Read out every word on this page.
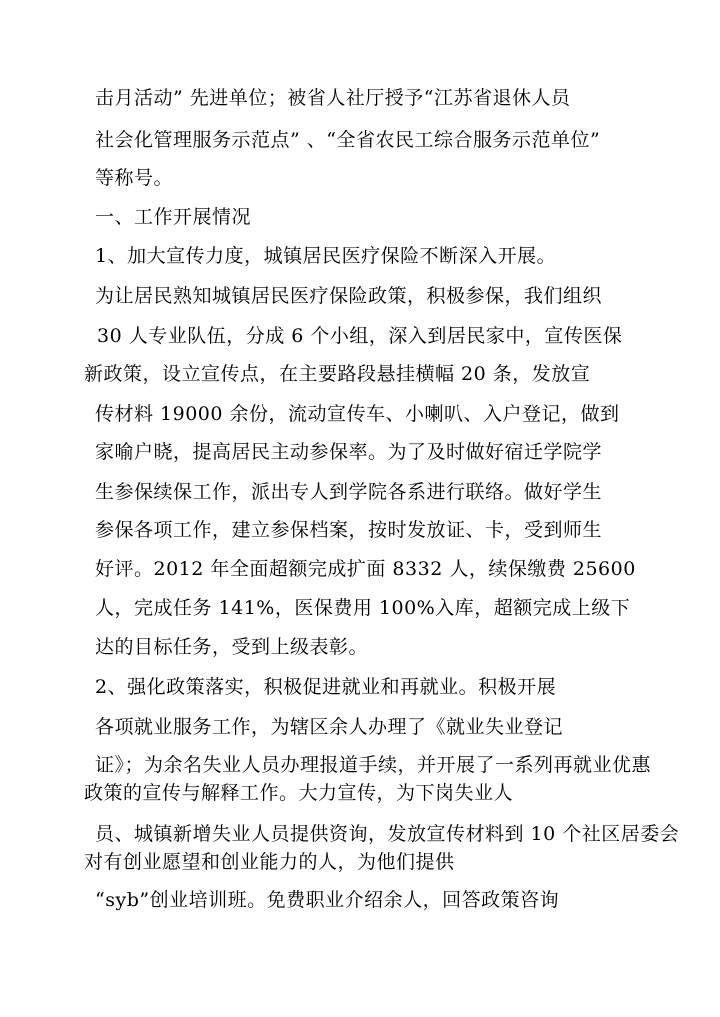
击月活动” 先进单位；被省人社厅授予“江苏省退休人员
社会化管理服务示范点” 、“全省农民工综合服务示范单位”
等称号。
一、工作开展情况
1、加大宣传力度，城镇居民医疗保险不断深入开展。
为让居民熟知城镇居民医疗保险政策，积极参保，我们组织
30 人专业队伍，分成 6 个小组，深入到居民家中，宣传医保
新政策，设立宣传点，在主要路段悬挂横幅 20 条，发放宣
传材料 19000 余份，流动宣传车、小喇叭、入户登记，做到
家喻户晓，提高居民主动参保率。为了及时做好宿迁学院学
生参保续保工作，派出专人到学院各系进行联络。做好学生
参保各项工作，建立参保档案，按时发放证、卡，受到师生
好评。2012 年全面超额完成扩面 8332 人，续保缴费 25600
人，完成任务 141%，医保费用 100%入库，超额完成上级下
达的目标任务，受到上级表彰。
2、强化政策落实，积极促进就业和再就业。积极开展
各项就业服务工作，为辖区余人办理了《就业失业登记
证》；为余名失业人员办理报道手续，并开展了一系列再就业优惠
政策的宣传与解释工作。大力宣传，为下岗失业人
员、城镇新增失业人员提供资询，发放宣传材料到 10 个社区居委会
对有创业愿望和创业能力的人，为他们提供
“syb”创业培训班。免费职业介绍余人，回答政策咨询
